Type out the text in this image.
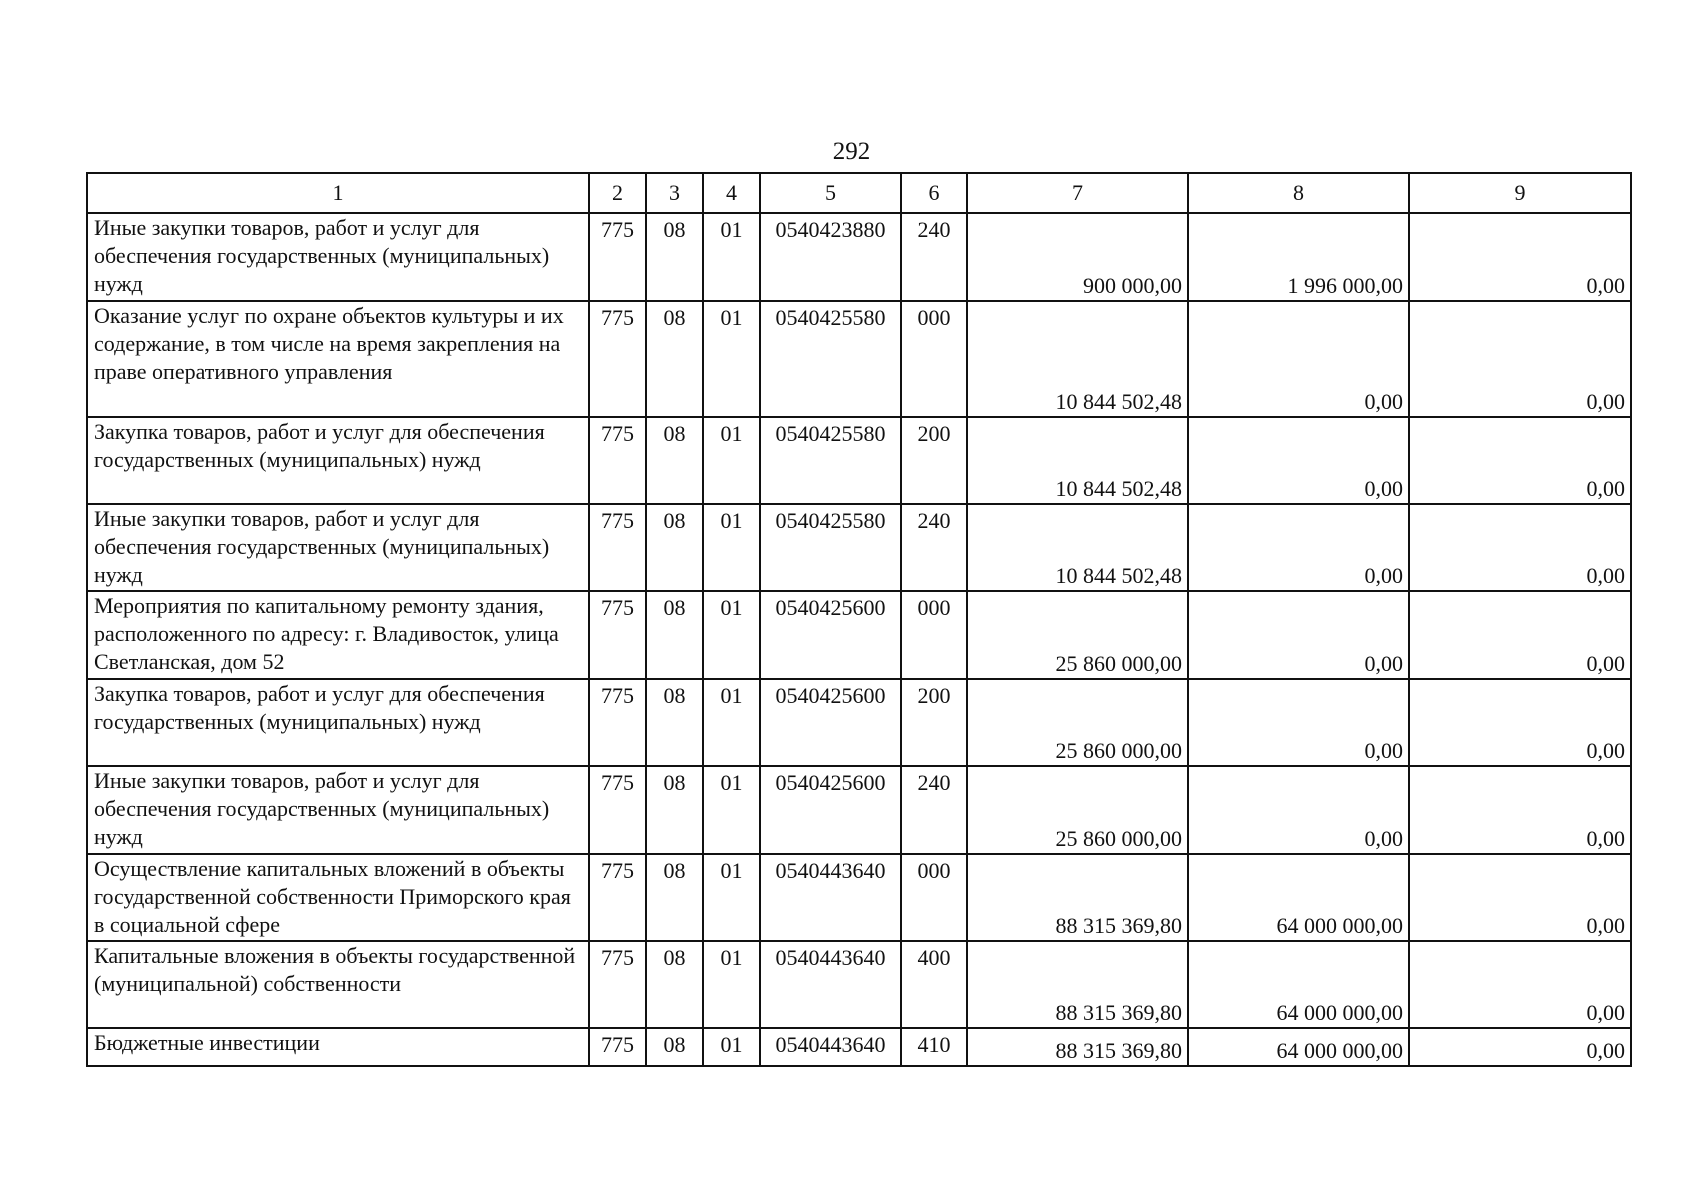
292
1	2	3	4	5	6	7	8	9
Иные закупки товаров, работ и услуг для обеспечения государственных (муниципальных) нужд	775	08	01	0540423880	240	900 000,00	1 996 000,00	0,00
Оказание услуг по охране объектов культуры и их содержание, в том числе на время закрепления на праве оперативного управления	775	08	01	0540425580	000	10 844 502,48	0,00	0,00
Закупка товаров, работ и услуг для обеспечения государственных (муниципальных) нужд	775	08	01	0540425580	200	10 844 502,48	0,00	0,00
Иные закупки товаров, работ и услуг для обеспечения государственных (муниципальных) нужд	775	08	01	0540425580	240	10 844 502,48	0,00	0,00
Мероприятия по капитальному ремонту здания, расположенного по адресу: г. Владивосток, улица Светланская, дом 52	775	08	01	0540425600	000	25 860 000,00	0,00	0,00
Закупка товаров, работ и услуг для обеспечения государственных (муниципальных) нужд	775	08	01	0540425600	200	25 860 000,00	0,00	0,00
Иные закупки товаров, работ и услуг для обеспечения государственных (муниципальных) нужд	775	08	01	0540425600	240	25 860 000,00	0,00	0,00
Осуществление капитальных вложений в объекты государственной собственности Приморского края в социальной сфере	775	08	01	0540443640	000	88 315 369,80	64 000 000,00	0,00
Капитальные вложения в объекты государственной (муниципальной) собственности	775	08	01	0540443640	400	88 315 369,80	64 000 000,00	0,00
Бюджетные инвестиции	775	08	01	0540443640	410	88 315 369,80	64 000 000,00	0,00
